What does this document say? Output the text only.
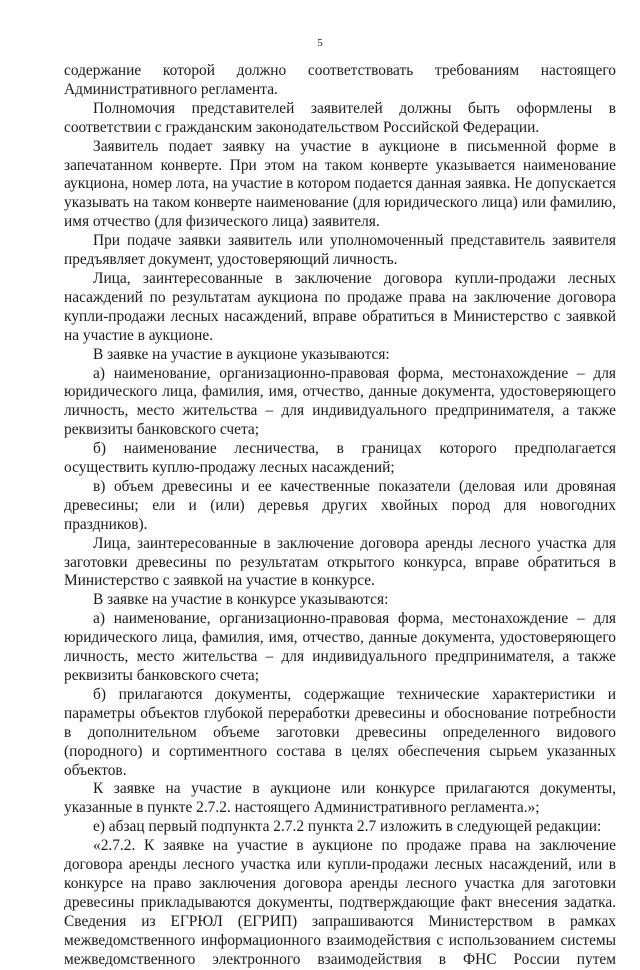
5

содержание которой должно соответствовать требованиям настоящего Административного регламента.

Полномочия представителей заявителей должны быть оформлены в соответствии с гражданским законодательством Российской Федерации.

Заявитель подает заявку на участие в аукционе в письменной форме в запечатанном конверте. При этом на таком конверте указывается наименование аукциона, номер лота, на участие в котором подается данная заявка. Не допускается указывать на таком конверте наименование (для юридического лица) или фамилию, имя отчество (для физического лица) заявителя.

При подаче заявки заявитель или уполномоченный представитель заявителя предъявляет документ, удостоверяющий личность.

Лица, заинтересованные в заключение договора купли-продажи лесных насаждений по результатам аукциона по продаже права на заключение договора купли-продажи лесных насаждений, вправе обратиться в Министерство с заявкой на участие в аукционе.

В заявке на участие в аукционе указываются:

а) наименование, организационно-правовая форма, местонахождение – для юридического лица, фамилия, имя, отчество, данные документа, удостоверяющего личность, место жительства – для индивидуального предпринимателя, а также реквизиты банковского счета;

б) наименование лесничества, в границах которого предполагается осуществить куплю-продажу лесных насаждений;

в) объем древесины и ее качественные показатели (деловая или дровяная древесины; ели и (или) деревья других хвойных пород для новогодних праздников).

Лица, заинтересованные в заключение договора аренды лесного участка для заготовки древесины по результатам открытого конкурса, вправе обратиться в Министерство с заявкой на участие в конкурсе.

В заявке на участие в конкурсе указываются:

а) наименование, организационно-правовая форма, местонахождение – для юридического лица, фамилия, имя, отчество, данные документа, удостоверяющего личность, место жительства – для индивидуального предпринимателя, а также реквизиты банковского счета;

б) прилагаются документы, содержащие технические характеристики и параметры объектов глубокой переработки древесины и обоснование потребности в дополнительном объеме заготовки древесины определенного видового (породного) и сортиментного состава в целях обеспечения сырьем указанных объектов.

К заявке на участие в аукционе или конкурсе прилагаются документы, указанные в пункте 2.7.2. настоящего Административного регламента.»;

е) абзац первый подпункта 2.7.2 пункта 2.7 изложить в следующей редакции:

«2.7.2. К заявке на участие в аукционе по продаже права на заключение договора аренды лесного участка или купли-продажи лесных насаждений, или в конкурсе на право заключения договора аренды лесного участка для заготовки древесины прикладываются документы, подтверждающие факт внесения задатка. Сведения из ЕГРЮЛ (ЕГРИП) запрашиваются Министерством в рамках межведомственного информационного взаимодействия с использованием системы межведомственного электронного взаимодействия в ФНС России путем
